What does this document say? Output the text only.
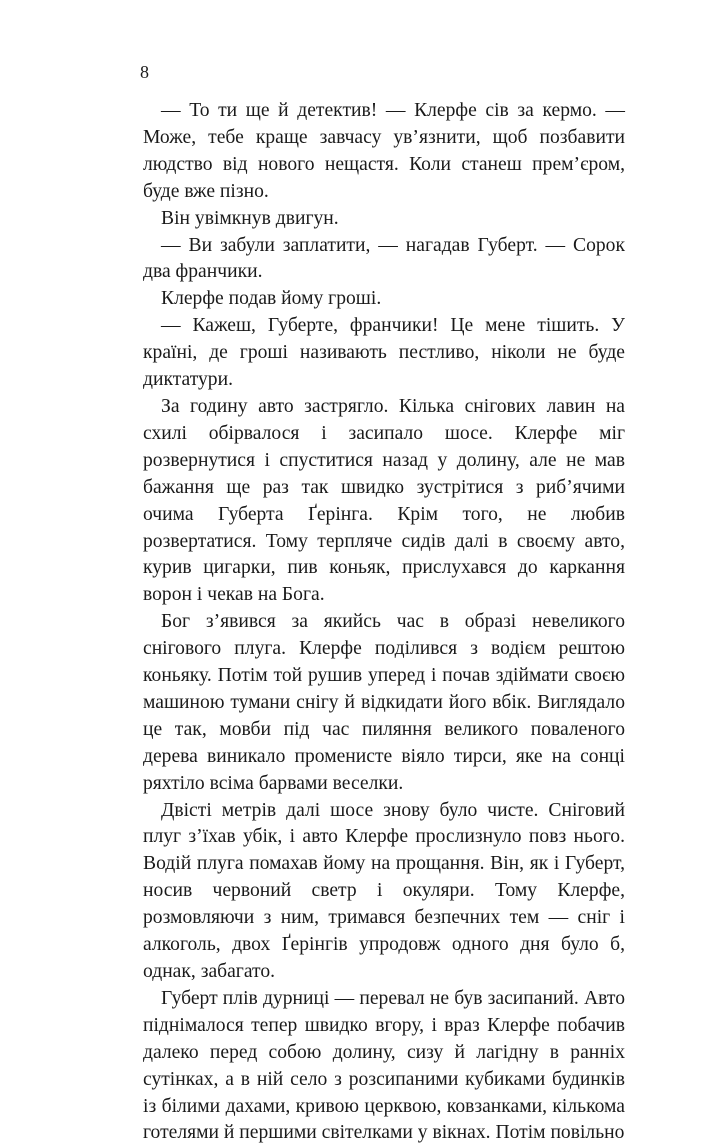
8

— То ти ще й детектив! — Клерфе сів за кермо. — Може, тебе краще завчасу ув’язнити, щоб позбавити людство від нового нещастя. Коли станеш прем’єром, буде вже пізно.

Він увімкнув двигун.

— Ви забули заплатити, — нагадав Губерт. — Сорок два франчики.

Клерфе подав йому гроші.

— Кажеш, Губерте, франчики! Це мене тішить. У країні, де гроші називають пестливо, ніколи не буде диктатури.

За годину авто застрягло. Кілька снігових лавин на схилі обірвалося і засипало шосе. Клерфе міг розвернутися і спуститися назад у долину, але не мав бажання ще раз так швидко зустрітися з риб’ячими очима Губерта Ґерінга. Крім того, не любив розвертатися. Тому терпляче сидів далі в своєму авто, курив цигарки, пив коньяк, прислухався до каркання ворон і чекав на Бога.

Бог з’явився за якийсь час в образі невеликого снігового плуга. Клерфе поділився з водієм рештою коньяку. Потім той рушив уперед і почав здіймати своєю машиною тумани снігу й відкидати його вбік. Виглядало це так, мовби під час пиляння великого поваленого дерева виникало променисте віяло тирси, яке на сонці ряхтіло всіма барвами веселки.

Двісті метрів далі шосе знову було чисте. Сніговий плуг з’їхав убік, і авто Клерфе прослизнуло повз нього. Водій плуга помахав йому на прощання. Він, як і Губерт, носив червоний светр і окуляри. Тому Клерфе, розмовляючи з ним, тримався безпечних тем — сніг і алкоголь, двох Ґерінгів упродовж одного дня було б, однак, забагато.

Губерт плів дурниці — перевал не був засипаний. Авто піднімалося тепер швидко вгору, і враз Клерфе побачив далеко перед собою долину, сизу й лагідну в ранніх сутінках, а в ній село з розсипаними кубиками будинків із білими дахами, кривою церквою, ковзанками, кількома готелями й першими світелками у вікнах. Потім повільно
